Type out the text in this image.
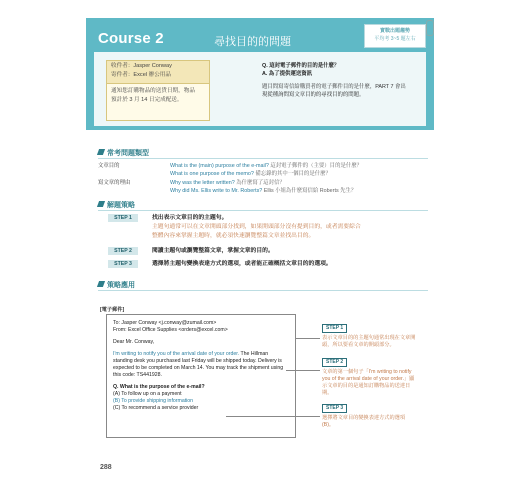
Course 2	尋找目的的問題
實戰出題趨勢
平均考 3~5 題左右
收件者：Jasper Conway
寄件者：Excel 辦公用品
通知您訂購物品的送貨日期，物品
預計於 3 月 14 日完成配送。
Q. 這封電子郵件的目的是什麼？
A. 為了提供運送資訊
題目問寫寄信給購買者的電子郵件目的是什麼，PART 7 會出
現從種詢問寫文章目的的尋找目的的問題。
常考問題類型
文章目的	What is the (main) purpose of the e-mail? 這封電子郵件的（主要）目的是什麼？
What is one purpose of the memo? 備忘錄的其中一個目的是什麼？
寫文章的理由	Why was the letter written? 為什麼寫了這封信？
Why did Ms. Ellis write to Mr. Roberts? Ellis 小姐為什麼寫信給 Roberts 先生？
解題策略
STEP 1	找出表示文章目的的主題句。
主題句通常可以在文章開頭部分找到，如果開頭部分沒有提到目的，或者需要綜合
整體內容來掌握主題時，就必須快速瀏覽整篇文章並找出目的。
STEP 2	閱讀主題句或瀏覽整篇文章，掌握文章的目的。
STEP 3	選擇將主題句變換表達方式的選項，或者能正確概括文章目的的選項。
策略應用
[電子郵件]

To: Jasper Conway <j.conway@zumail.com>

From: Excel Office Supplies <orders@excel.com>

Dear Mr. Conway,

I'm writing to notify you of the arrival date of your order. The Hillman

standing desk you purchased last Friday will be shipped today. Delivery is

expected to be completed on March 14. You may track the shipment using

this code: TS441928.

Q. What is the purpose of the e-mail?

(A) To follow up on a payment

(B) To provide shipping information

(C) To recommend a service provider

STEP 1
表示文章目的的主題句通常出現在文章開頭，所以要看文章的開頭部分。
STEP 2
文章的第一個句子「I'm writing to notify you of the arrival date of your order.」顯示文章的目的是通知訂購物品的送達日期。
STEP 3
選擇將文章目的變換表達方式的選項 (B)。
288
